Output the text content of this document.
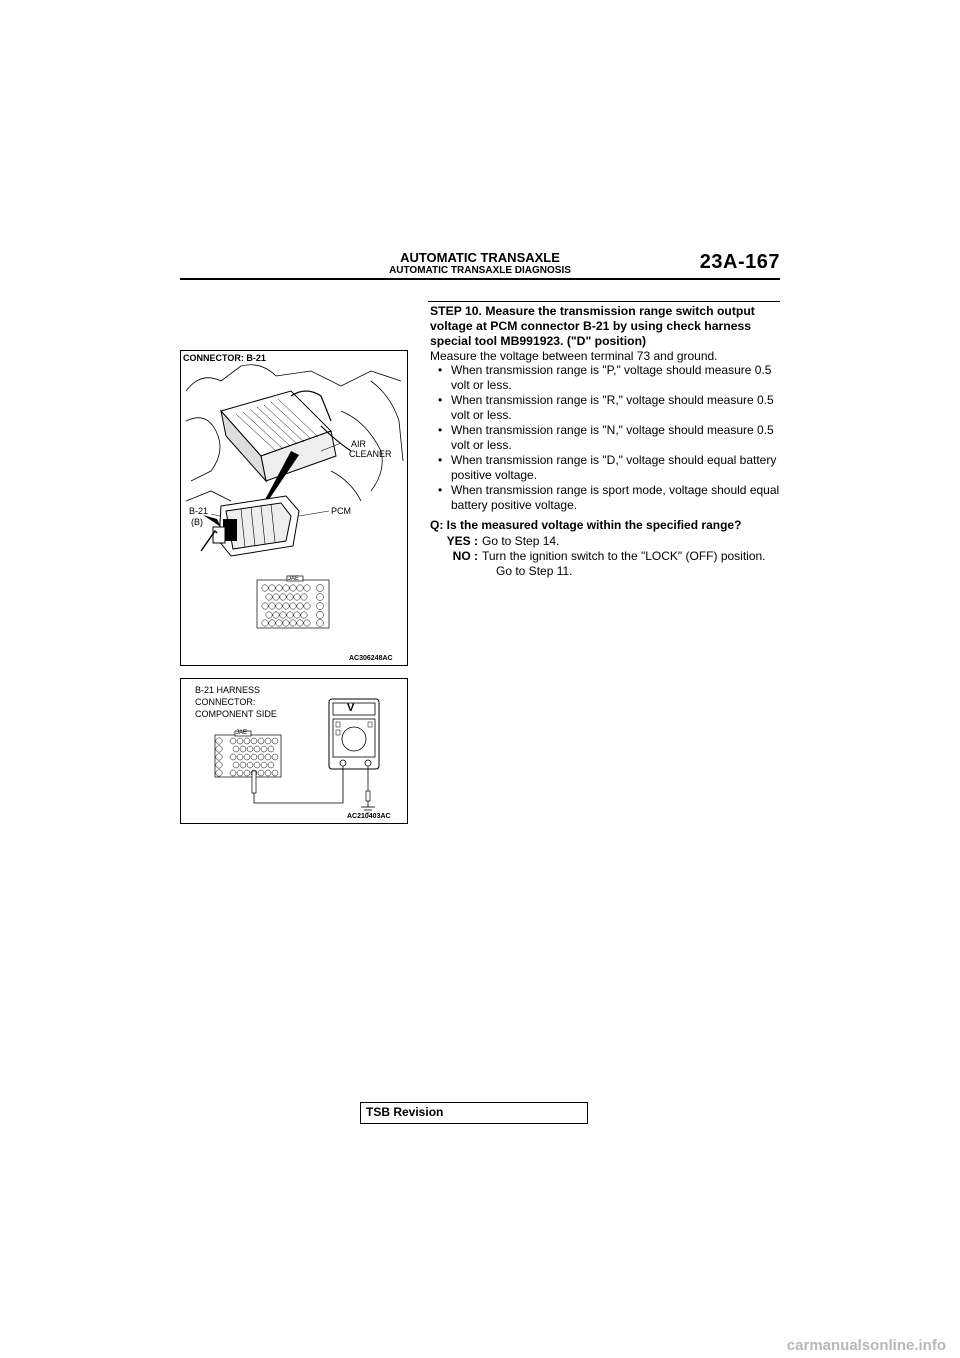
AUTOMATIC TRANSAXLE
AUTOMATIC TRANSAXLE DIAGNOSIS	23A-167
CONNECTOR: B-21
AIR
CLEANER
PCM
B-21
(B)
JAE
AC306248AC
B-21 HARNESS
CONNECTOR:
COMPONENT SIDE
JAE
V
AC210403AC
STEP 10. Measure the transmission range switch output voltage at PCM connector B-21 by using check harness special tool MB991923. ("D" position)
Measure the voltage between terminal 73 and ground.
• When transmission range is "P," voltage should measure 0.5 volt or less.
• When transmission range is "R," voltage should measure 0.5 volt or less.
• When transmission range is "N," voltage should measure 0.5 volt or less.
• When transmission range is "D," voltage should equal battery positive voltage.
• When transmission range is sport mode, voltage should equal battery positive voltage.
Q: Is the measured voltage within the specified range?
YES : Go to Step 14.
NO : Turn the ignition switch to the "LOCK" (OFF) position.
Go to Step 11.
TSB Revision
carmanualsonline.info
